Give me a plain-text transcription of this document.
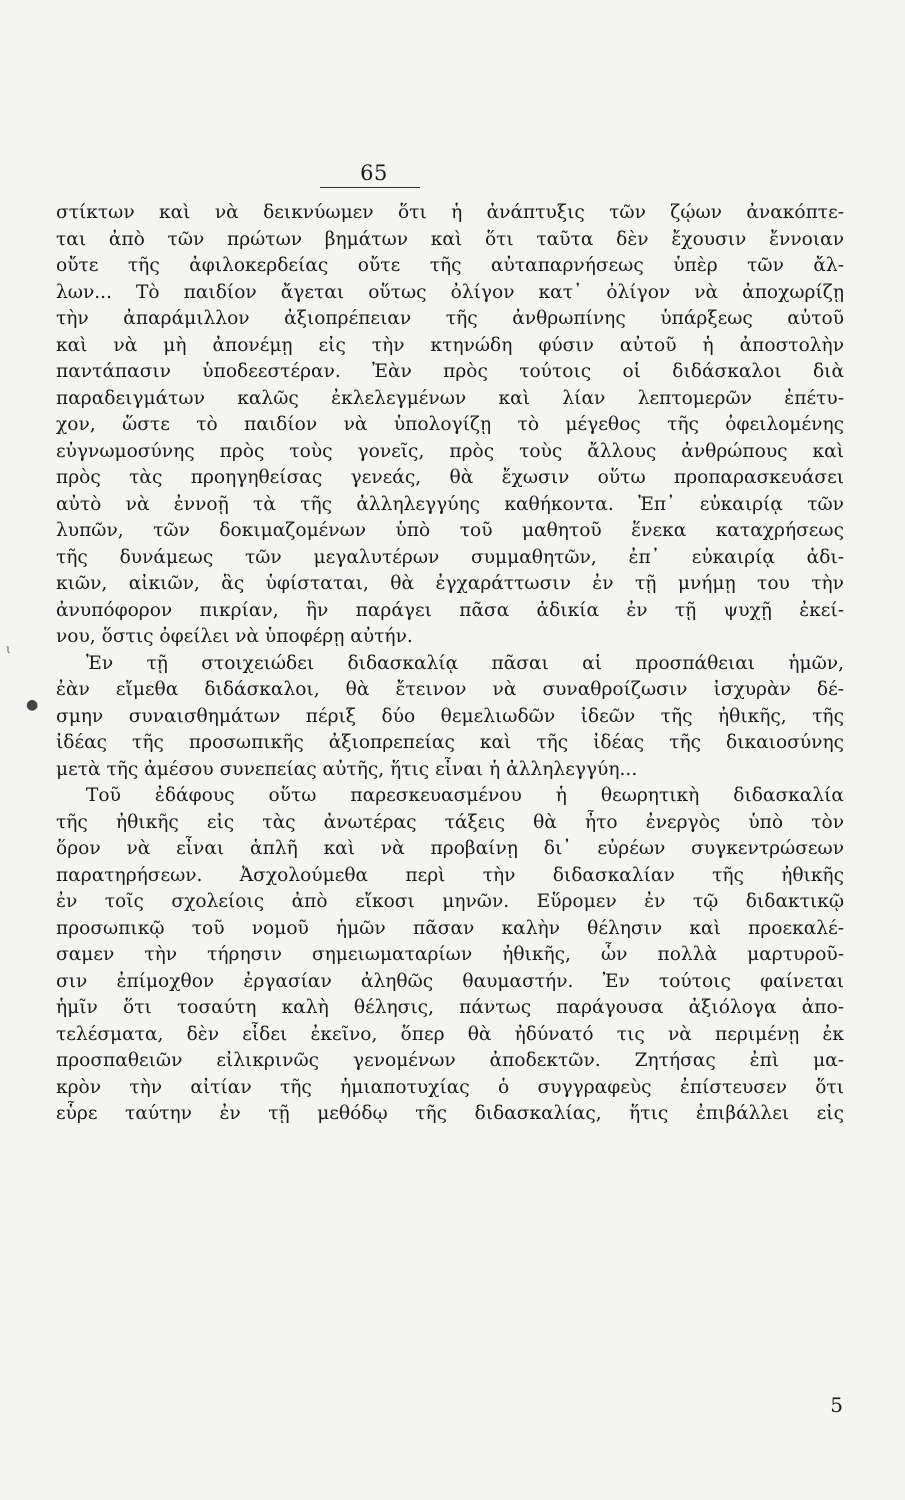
65
ι
●
στίκτων καὶ νὰ δεικνύωμεν ὅτι ἡ ἀνάπτυξις τῶν ζῴων ἀνακόπτε-
ται ἀπὸ τῶν πρώτων βημάτων καὶ ὅτι ταῦτα δὲν ἔχουσιν ἔννοιαν
οὔτε τῆς ἀφιλοκερδείας οὔτε τῆς αὐταπαρνήσεως ὑπὲρ τῶν ἄλ-
λων... Τὸ παιδίον ἄγεται οὕτως ὀλίγον κατ᾿ ὀλίγον νὰ ἀποχωρίζῃ
τὴν ἀπαράμιλλον ἀξιοπρέπειαν τῆς ἀνθρωπίνης ὑπάρξεως αὐτοῦ
καὶ νὰ μὴ ἀπονέμῃ εἰς τὴν κτηνώδη φύσιν αὐτοῦ ἡ ἀποστολὴν
παντάπασιν ὑποδεεστέραν. Ἐὰν πρὸς τούτοις οἱ διδάσκαλοι διὰ
παραδειγμάτων καλῶς ἐκλελεγμένων καὶ λίαν λεπτομερῶν ἐπέτυ-
χον, ὥστε τὸ παιδίον νὰ ὑπολογίζῃ τὸ μέγεθος τῆς ὀφειλομένης
εὐγνωμοσύνης πρὸς τοὺς γονεῖς, πρὸς τοὺς ἄλλους ἀνθρώπους καὶ
πρὸς τὰς προηγηθείσας γενεάς, θὰ ἔχωσιν οὕτω προπαρασκευάσει
αὐτὸ νὰ ἐννοῇ τὰ τῆς ἀλληλεγγύης καθήκοντα. Ἐπ᾿ εὐκαιρίᾳ τῶν
λυπῶν, τῶν δοκιμαζομένων ὑπὸ τοῦ μαθητοῦ ἕνεκα καταχρήσεως
τῆς δυνάμεως τῶν μεγαλυτέρων συμμαθητῶν, ἐπ᾿ εὐκαιρίᾳ ἀδι-
κιῶν, αἰκιῶν, ἃς ὑφίσταται, θὰ ἐγχαράττωσιν ἐν τῇ μνήμῃ του τὴν
ἀνυπόφορον πικρίαν, ἣν παράγει πᾶσα ἀδικία ἐν τῇ ψυχῇ ἐκεί-
νου, ὅστις ὀφείλει νὰ ὑποφέρῃ αὐτήν.
Ἐν τῇ στοιχειώδει διδασκαλίᾳ πᾶσαι αἱ προσπάθειαι ἡμῶν,
ἐὰν εἴμεθα διδάσκαλοι, θὰ ἔτεινον νὰ συναθροίζωσιν ἰσχυρὰν δέ-
σμην συναισθημάτων πέριξ δύο θεμελιωδῶν ἰδεῶν τῆς ἠθικῆς, τῆς
ἰδέας τῆς προσωπικῆς ἀξιοπρεπείας καὶ τῆς ἰδέας τῆς δικαιοσύνης
μετὰ τῆς ἀμέσου συνεπείας αὐτῆς, ἥτις εἶναι ἡ ἀλληλεγγύη...
Τοῦ ἐδάφους οὕτω παρεσκευασμένου ἡ θεωρητικὴ διδασκαλία
τῆς ἠθικῆς εἰς τὰς ἀνωτέρας τάξεις θὰ ἦτο ἐνεργὸς ὑπὸ τὸν
ὅρον νὰ εἶναι ἁπλῆ καὶ νὰ προβαίνῃ δι᾿ εὐρέων συγκεντρώσεων
παρατηρήσεων. Ἀσχολούμεθα περὶ τὴν διδασκαλίαν τῆς ἠθικῆς
ἐν τοῖς σχολείοις ἀπὸ εἴκοσι μηνῶν. Εὕρομεν ἐν τῷ διδακτικῷ
προσωπικῷ τοῦ νομοῦ ἡμῶν πᾶσαν καλὴν θέλησιν καὶ προεκαλέ-
σαμεν τὴν τήρησιν σημειωματαρίων ἠθικῆς, ὧν πολλὰ μαρτυροῦ-
σιν ἐπίμοχθον ἐργασίαν ἀληθῶς θαυμαστήν. Ἐν τούτοις φαίνεται
ἡμῖν ὅτι τοσαύτη καλὴ θέλησις, πάντως παράγουσα ἀξιόλογα ἀπο-
τελέσματα, δὲν εἶδει ἐκεῖνο, ὅπερ θὰ ἠδύνατό τις νὰ περιμένῃ ἐκ
προσπαθειῶν εἰλικρινῶς γενομένων ἀποδεκτῶν. Ζητήσας ἐπὶ μα-
κρὸν τὴν αἰτίαν τῆς ἡμιαποτυχίας ὁ συγγραφεὺς ἐπίστευσεν ὅτι
εὗρε ταύτην ἐν τῇ μεθόδῳ τῆς διδασκαλίας, ἥτις ἐπιβάλλει εἰς
5
